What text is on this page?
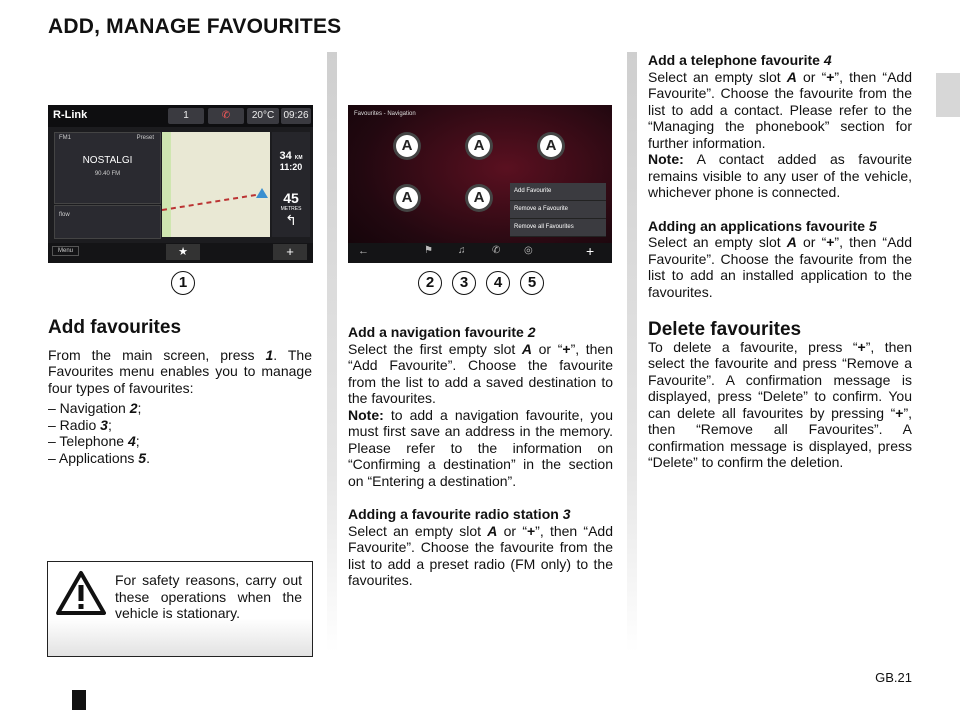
ADD, MANAGE FAVOURITES
R-Link	1	✆	20°C 09:26
FM1	Preset
NOSTALGI
90.40 FM
flow
34 KM
11:20
45
METRES
↰
Menu	★	+
Favourites - Navigation
A	A	A
A	A	Add Favourite
Remove a Favourite
Remove all Favourites
←	⚑	♫	✆ ◎	+
1	2	3	4	5
Add favourites

From the main screen, press 1. The Favourites menu enables you to manage four types of favourites:

– Navigation 2;

– Radio 3;

– Telephone 4;

– Applications 5.

For safety reasons, carry out these operations when the vehicle is stationary.

Add a navigation favourite 2

Select the first empty slot A or “+”, then “Add Favourite”. Choose the favourite from the list to add a saved destination to the favourites.

Note: to add a navigation favourite, you must first save an address in the memory. Please refer to the information on “Confirming a destination” in the section on “Entering a destination”.

Adding a favourite radio station 3

Select an empty slot A or “+”, then “Add Favourite”. Choose the favourite from the list to add a preset radio (FM only) to the favourites.

Add a telephone favourite 4

Select an empty slot A or “+”, then “Add Favourite”. Choose the favourite from the list to add a contact. Please refer to the “Managing the phonebook” section for further information.

Note: A contact added as favourite remains visible to any user of the vehicle, whichever phone is connected.

Adding an applications favourite 5

Select an empty slot A or “+”, then “Add Favourite”. Choose the favourite from the list to add an installed application to the favourites.

Delete favourites

To delete a favourite, press “+”, then select the favourite and press “Remove a Favourite”. A confirmation message is displayed, press “Delete” to confirm. You can delete all favourites by pressing “+”, then “Remove all Favourites”. A confirmation message is displayed, press “Delete” to confirm the deletion.

GB.21
